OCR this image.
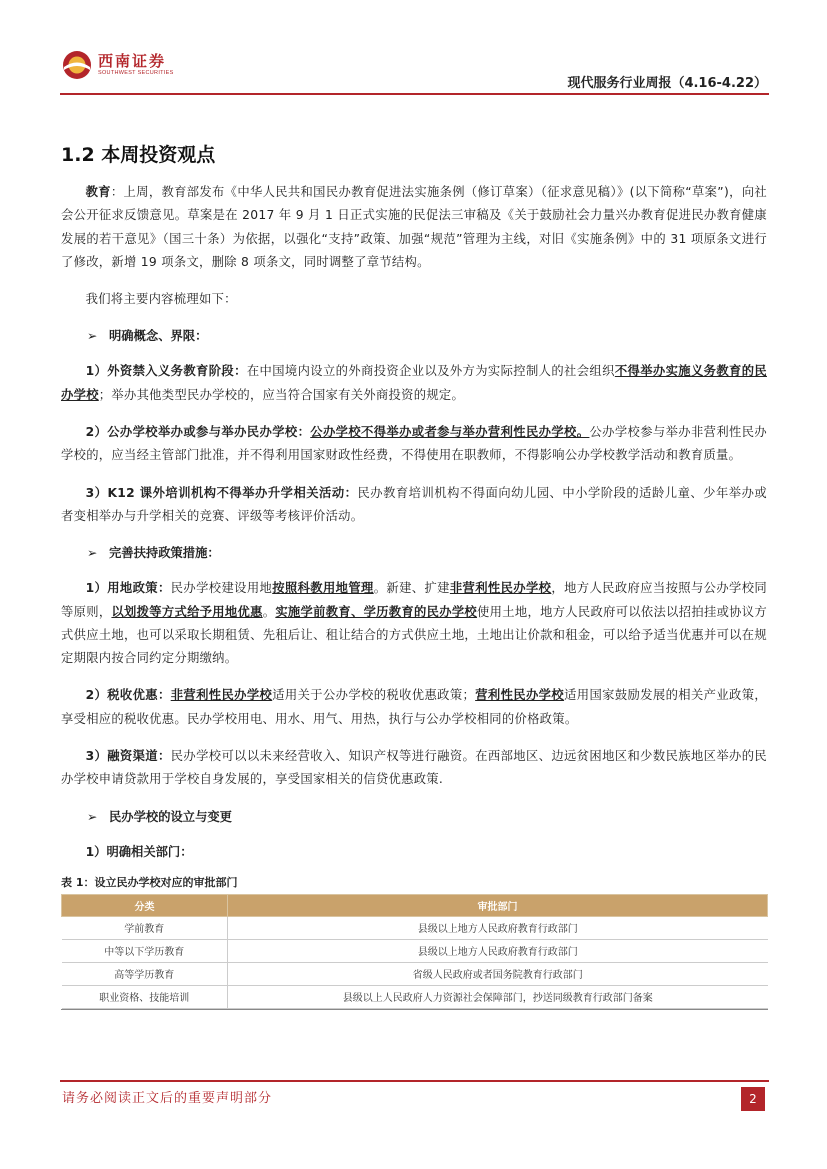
西南证券
SOUTHWEST SECURITIES
现代服务行业周报（4.16-4.22）
1.2 本周投资观点

教育：上周，教育部发布《中华人民共和国民办教育促进法实施条例（修订草案）（征求意见稿）》(以下简称“草案”)，向社会公开征求反馈意见。草案是在 2017 年 9 月 1 日正式实施的民促法三审稿及《关于鼓励社会力量兴办教育促进民办教育健康发展的若干意见》（国三十条）为依据，以强化“支持”政策、加强“规范”管理为主线，对旧《实施条例》中的 31 项原条文进行了修改，新增 19 项条文，删除 8 项条文，同时调整了章节结构。

我们将主要内容梳理如下：

➢ 明确概念、界限：

1）外资禁入义务教育阶段：在中国境内设立的外商投资企业以及外方为实际控制人的社会组织不得举办实施义务教育的民办学校；举办其他类型民办学校的，应当符合国家有关外商投资的规定。

2）公办学校举办或参与举办民办学校：公办学校不得举办或者参与举办营利性民办学校。公办学校参与举办非营利性民办学校的，应当经主管部门批准，并不得利用国家财政性经费，不得使用在职教师，不得影响公办学校教学活动和教育质量。

3）K12 课外培训机构不得举办升学相关活动：民办教育培训机构不得面向幼儿园、中小学阶段的适龄儿童、少年举办或者变相举办与升学相关的竞赛、评级等考核评价活动。

➢ 完善扶持政策措施：

1）用地政策：民办学校建设用地按照科教用地管理。新建、扩建非营利性民办学校，地方人民政府应当按照与公办学校同等原则，以划拨等方式给予用地优惠。实施学前教育、学历教育的民办学校使用土地，地方人民政府可以依法以招拍挂或协议方式供应土地，也可以采取长期租赁、先租后让、租让结合的方式供应土地，土地出让价款和租金，可以给予适当优惠并可以在规定期限内按合同约定分期缴纳。

2）税收优惠：非营利性民办学校适用关于公办学校的税收优惠政策；营利性民办学校适用国家鼓励发展的相关产业政策，享受相应的税收优惠。民办学校用电、用水、用气、用热，执行与公办学校相同的价格政策。

3）融资渠道：民办学校可以以未来经营收入、知识产权等进行融资。在西部地区、边远贫困地区和少数民族地区举办的民办学校申请贷款用于学校自身发展的，享受国家相关的信贷优惠政策.

➢ 民办学校的设立与变更
1）明确相关部门：
表 1：设立民办学校对应的审批部门
分类	审批部门
学前教育	县级以上地方人民政府教育行政部门
中等以下学历教育	县级以上地方人民政府教育行政部门
高等学历教育	省级人民政府或者国务院教育行政部门
职业资格、技能培训	县级以上人民政府人力资源社会保障部门，抄送同级教育行政部门备案
请务必阅读正文后的重要声明部分	2
